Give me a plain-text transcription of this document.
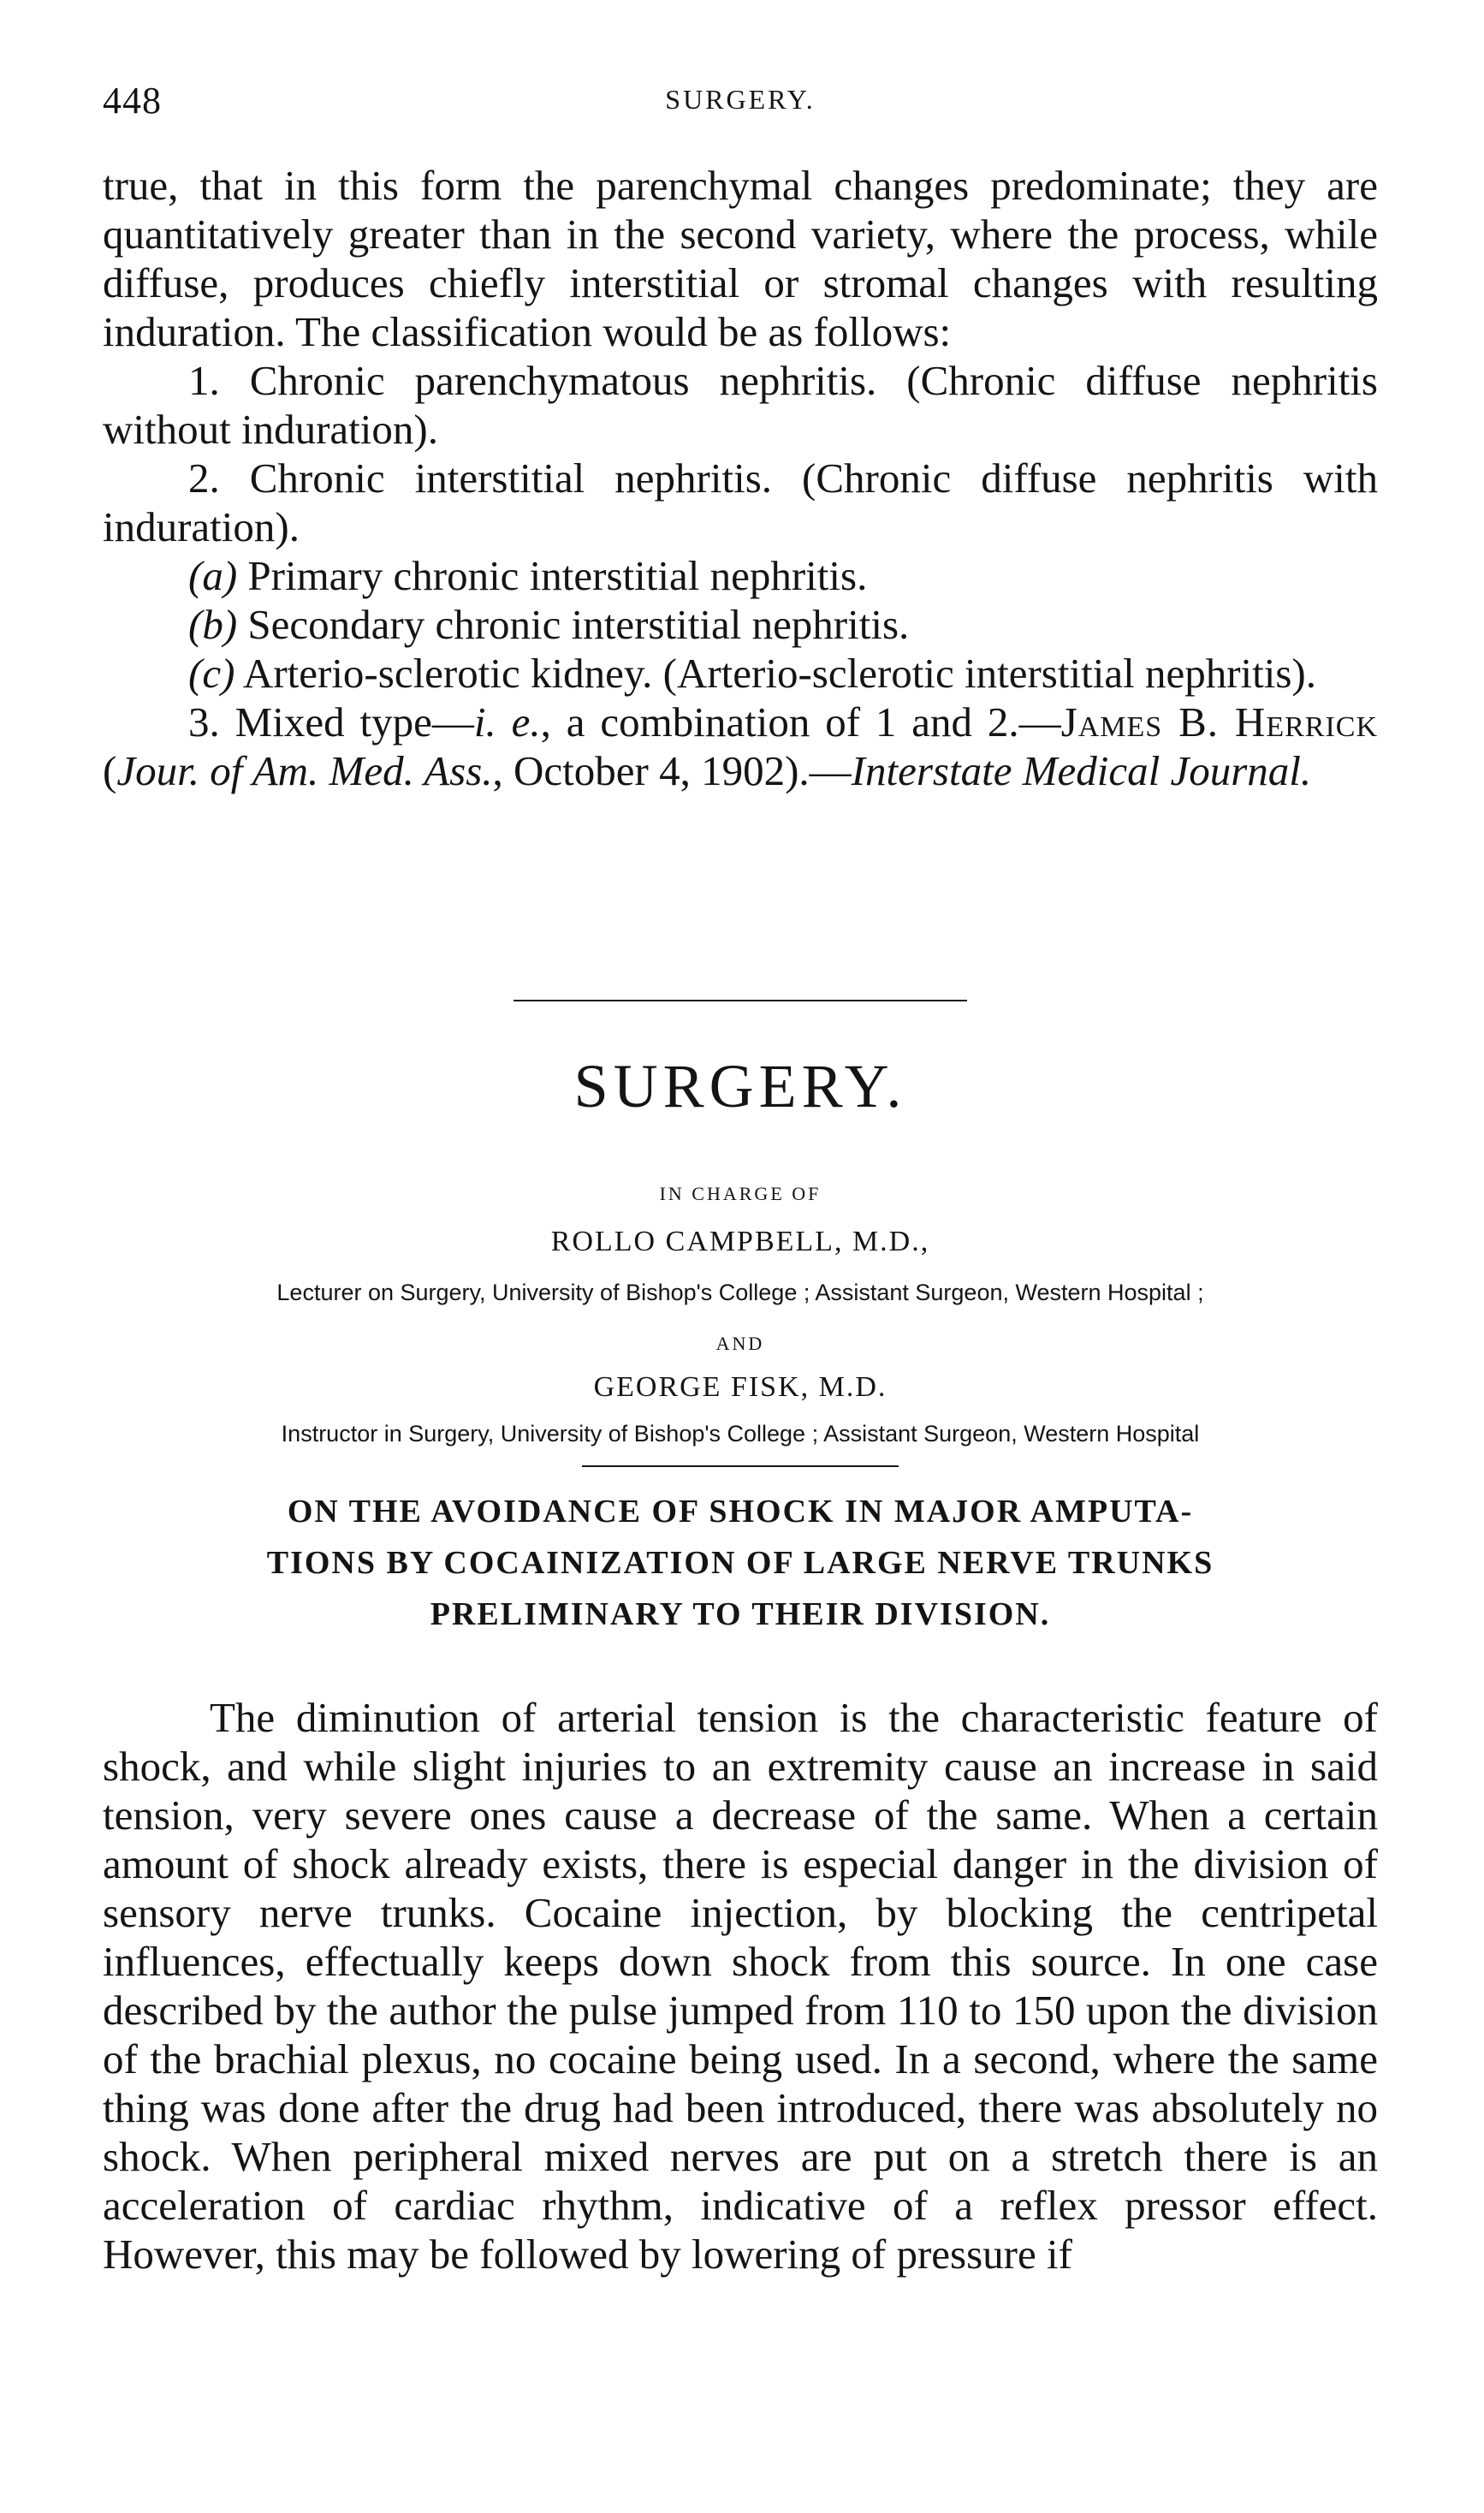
448	SURGERY.

true, that in this form the parenchymal changes predominate; they are quantitatively greater than in the second variety, where the process, while diffuse, produces chiefly interstitial or stromal changes with resulting induration. The classification would be as follows:

1. Chronic parenchymatous nephritis. (Chronic diffuse nephritis without induration).

2. Chronic interstitial nephritis. (Chronic diffuse nephritis with induration).

(a) Primary chronic interstitial nephritis.

(b) Secondary chronic interstitial nephritis.

(c) Arterio-sclerotic kidney. (Arterio-sclerotic interstitial nephritis).

3. Mixed type—i. e., a combination of 1 and 2.—James B. Herrick (Jour. of Am. Med. Ass., October 4, 1902).—Interstate Medical Journal.

SURGERY.
IN CHARGE OF
ROLLO CAMPBELL, M.D.,
Lecturer on Surgery, University of Bishop's College ; Assistant Surgeon, Western Hospital ;
AND
GEORGE FISK, M.D.
Instructor in Surgery, University of Bishop's College ; Assistant Surgeon, Western Hospital
ON THE AVOIDANCE OF SHOCK IN MAJOR AMPUTA-
TIONS BY COCAINIZATION OF LARGE NERVE TRUNKS
PRELIMINARY TO THEIR DIVISION.

The diminution of arterial tension is the characteristic feature of shock, and while slight injuries to an extremity cause an increase in said tension, very severe ones cause a decrease of the same. When a certain amount of shock already exists, there is especial danger in the division of sensory nerve trunks. Cocaine injection, by blocking the centripetal influences, effectually keeps down shock from this source. In one case described by the author the pulse jumped from 110 to 150 upon the division of the brachial plexus, no cocaine being used. In a second, where the same thing was done after the drug had been introduced, there was absolutely no shock. When peripheral mixed nerves are put on a stretch there is an acceleration of cardiac rhythm, indicative of a reflex pressor effect. However, this may be followed by lowering of pressure if
